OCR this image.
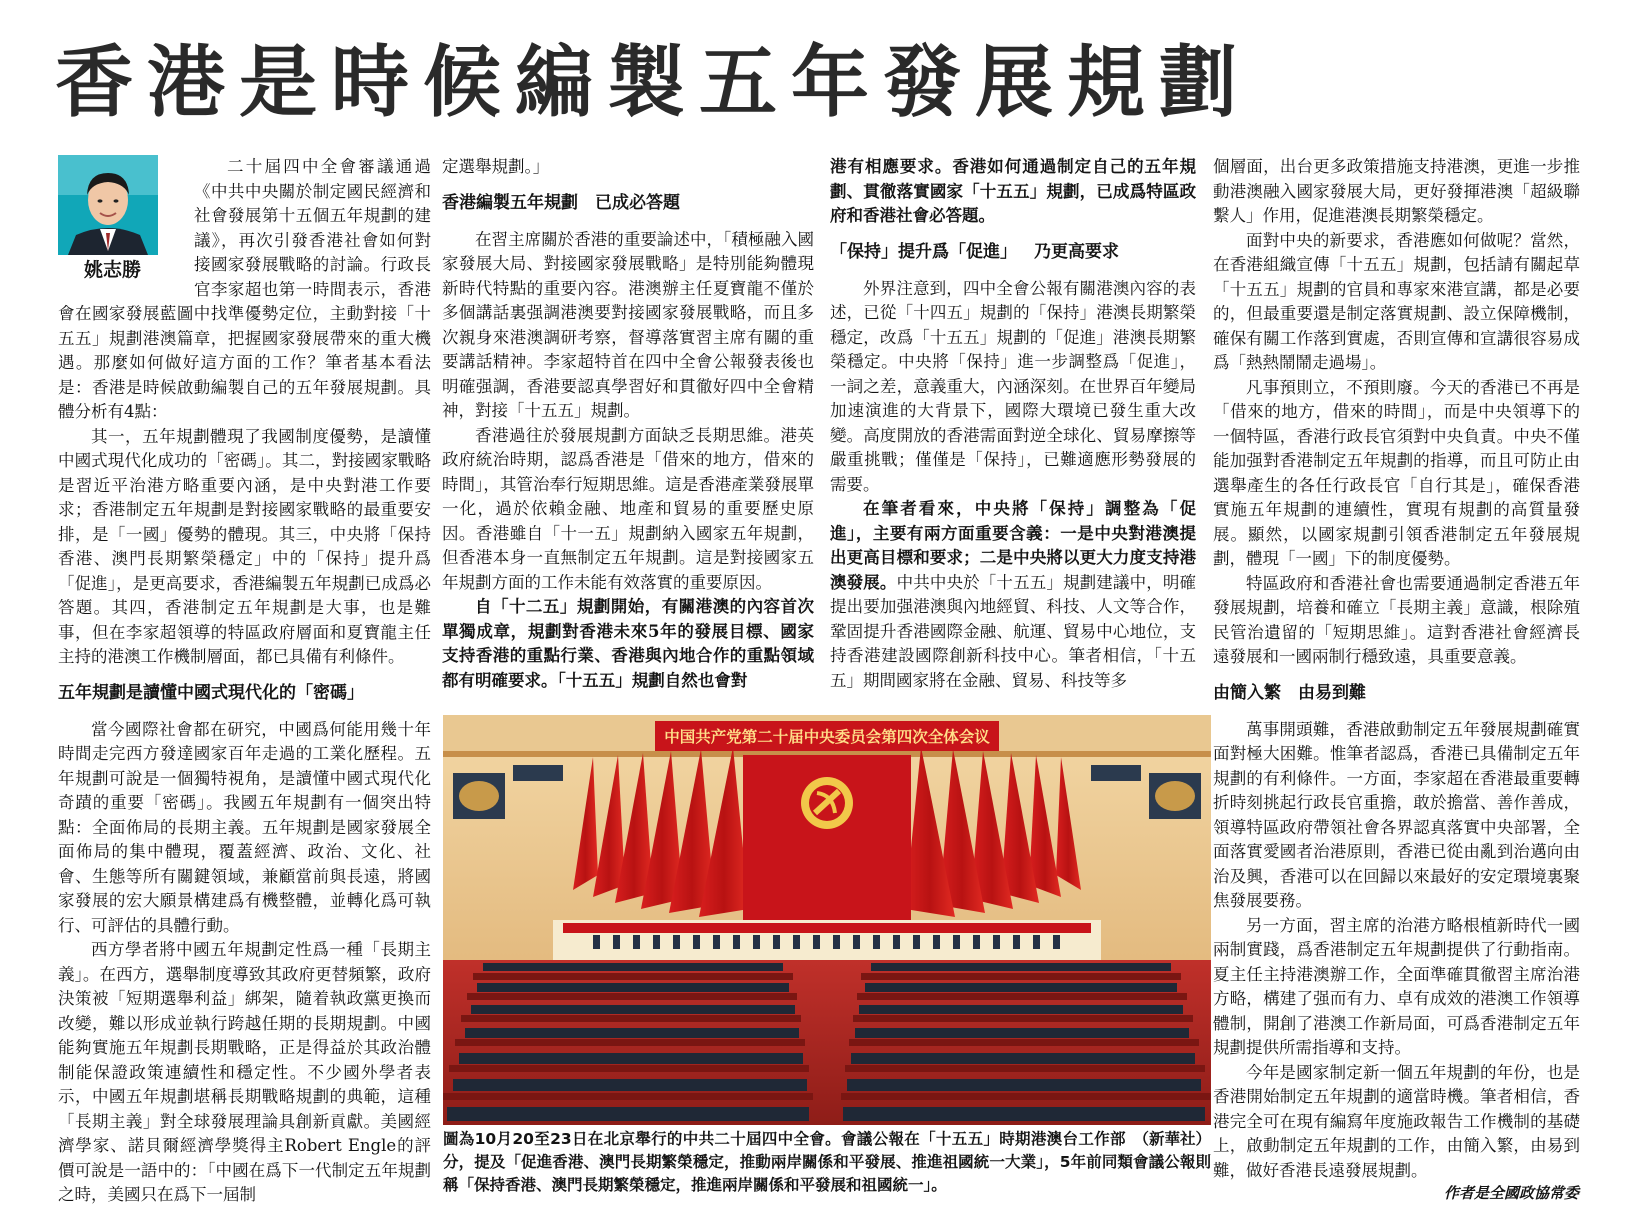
香港是時候編製五年發展規劃
姚志勝

二十屆四中全會審議通過《中共中央關於制定國民經濟和社會發展第十五個五年規劃的建議》，再次引發香港社會如何對接國家發展戰略的討論。行政長官李家超也第一時間表示，香港會在國家發展藍圖中找準優勢定位，主動對接「十五五」規劃港澳篇章，把握國家發展帶來的重大機遇。那麼如何做好這方面的工作？筆者基本看法是：香港是時候啟動編製自己的五年發展規劃。具體分析有4點：

其一，五年規劃體現了我國制度優勢，是讀懂中國式現代化成功的「密碼」。其二，對接國家戰略是習近平治港方略重要內涵，是中央對港工作要求；香港制定五年規劃是對接國家戰略的最重要安排，是「一國」優勢的體現。其三，中央將「保持香港、澳門長期繁榮穩定」中的「保持」提升爲「促進」，是更高要求，香港編製五年規劃已成爲必答題。其四，香港制定五年規劃是大事，也是難事，但在李家超領導的特區政府層面和夏寶龍主任主持的港澳工作機制層面，都已具備有利條件。

五年規劃是讀懂中國式現代化的「密碼」

當今國際社會都在研究，中國爲何能用幾十年時間走完西方發達國家百年走過的工業化歷程。五年規劃可說是一個獨特視角，是讀懂中國式現代化奇蹟的重要「密碼」。我國五年規劃有一個突出特點：全面佈局的長期主義。五年規劃是國家發展全面佈局的集中體現，覆蓋經濟、政治、文化、社會、生態等所有關鍵領域，兼顧當前與長遠，將國家發展的宏大願景構建爲有機整體，並轉化爲可執行、可評估的具體行動。

西方學者將中國五年規劃定性爲一種「長期主義」。在西方，選舉制度導致其政府更替頻繁，政府決策被「短期選舉利益」綁架，隨着執政黨更換而改變，難以形成並執行跨越任期的長期規劃。中國能夠實施五年規劃長期戰略，正是得益於其政治體制能保證政策連續性和穩定性。不少國外學者表示，中國五年規劃堪稱長期戰略規劃的典範，這種「長期主義」對全球發展理論具創新貢獻。美國經濟學家、諾貝爾經濟學獎得主Robert Engle的評價可說是一語中的：「中國在爲下一代制定五年規劃之時，美國只在爲下一屆制

定選舉規劃。」

香港編製五年規劃 已成必答題

在習主席關於香港的重要論述中，「積極融入國家發展大局、對接國家發展戰略」是特別能夠體現新時代特點的重要內容。港澳辦主任夏寶龍不僅於多個講話裏强調港澳要對接國家發展戰略，而且多次親身來港澳調研考察，督導落實習主席有關的重要講話精神。李家超特首在四中全會公報發表後也明確强調，香港要認真學習好和貫徹好四中全會精神，對接「十五五」規劃。

香港過往於發展規劃方面缺乏長期思維。港英政府統治時期，認爲香港是「借來的地方，借來的時間」，其管治奉行短期思維。這是香港產業發展單一化，過於依賴金融、地產和貿易的重要歷史原因。香港雖自「十一五」規劃納入國家五年規劃，但香港本身一直無制定五年規劃。這是對接國家五年規劃方面的工作未能有效落實的重要原因。

自「十二五」規劃開始，有關港澳的內容首次單獨成章，規劃對香港未來5年的發展目標、國家支持香港的重點行業、香港與內地合作的重點領域都有明確要求。「十五五」規劃自然也會對

港有相應要求。香港如何通過制定自己的五年規劃、貫徹落實國家「十五五」規劃，已成爲特區政府和香港社會必答題。

「保持」提升爲「促進」 乃更高要求

外界注意到，四中全會公報有關港澳內容的表述，已從「十四五」規劃的「保持」港澳長期繁榮穩定，改爲「十五五」規劃的「促進」港澳長期繁榮穩定。中央將「保持」進一步調整爲「促進」，一詞之差，意義重大，內涵深刻。在世界百年變局加速演進的大背景下，國際大環境已發生重大改變。高度開放的香港需面對逆全球化、貿易摩擦等嚴重挑戰；僅僅是「保持」，已難適應形勢發展的需要。

在筆者看來，中央將「保持」調整為「促進」，主要有兩方面重要含義：一是中央對港澳提出更高目標和要求；二是中央將以更大力度支持港澳發展。中共中央於「十五五」規劃建議中，明確提出要加强港澳與內地經貿、科技、人文等合作，鞏固提升香港國際金融、航運、貿易中心地位，支持香港建設國際創新科技中心。筆者相信，「十五五」期間國家將在金融、貿易、科技等多

個層面，出台更多政策措施支持港澳，更進一步推動港澳融入國家發展大局，更好發揮港澳「超級聯繫人」作用，促進港澳長期繁榮穩定。

面對中央的新要求，香港應如何做呢？當然，在香港組織宣傳「十五五」規劃，包括請有關起草「十五五」規劃的官員和專家來港宣講，都是必要的，但最重要還是制定落實規劃、設立保障機制，確保有關工作落到實處，否則宣傳和宣講很容易成爲「熱熱鬧鬧走過場」。

凡事預則立，不預則廢。今天的香港已不再是「借來的地方，借來的時間」，而是中央領導下的一個特區，香港行政長官須對中央負責。中央不僅能加强對香港制定五年規劃的指導，而且可防止由選舉產生的各任行政長官「自行其是」，確保香港實施五年規劃的連續性，實現有規劃的高質量發展。顯然，以國家規劃引領香港制定五年發展規劃，體現「一國」下的制度優勢。

特區政府和香港社會也需要通過制定香港五年發展規劃，培養和確立「長期主義」意識，根除殖民管治遺留的「短期思維」。這對香港社會經濟長遠發展和一國兩制行穩致遠，具重要意義。

由簡入繁 由易到難

萬事開頭難，香港啟動制定五年發展規劃確實面對極大困難。惟筆者認爲，香港已具備制定五年規劃的有利條件。一方面，李家超在香港最重要轉折時刻挑起行政長官重擔，敢於擔當、善作善成，領導特區政府帶領社會各界認真落實中央部署，全面落實愛國者治港原則，香港已從由亂到治邁向由治及興，香港可以在回歸以來最好的安定環境裏聚焦發展要務。

另一方面，習主席的治港方略根植新時代一國兩制實踐，爲香港制定五年規劃提供了行動指南。夏主任主持港澳辦工作，全面準確貫徹習主席治港方略，構建了强而有力、卓有成效的港澳工作領導體制，開創了港澳工作新局面，可爲香港制定五年規劃提供所需指導和支持。

今年是國家制定新一個五年規劃的年份，也是香港開始制定五年規劃的適當時機。筆者相信，香港完全可在現有編寫年度施政報告工作機制的基礎上，啟動制定五年規劃的工作，由簡入繁，由易到難，做好香港長遠發展規劃。

中国共产党第二十届中央委员会第四次全体会议
（新華社）
圖為10月20至23日在北京舉行的中共二十屆四中全會。會議公報在「十五五」時期港澳台工作部分，提及「促進香港、澳門長期繁榮穩定，推動兩岸關係和平發展、推進祖國統一大業」，5年前同類會議公報則稱「保持香港、澳門長期繁榮穩定，推進兩岸關係和平發展和祖國統一」。	作者是全國政協常委
